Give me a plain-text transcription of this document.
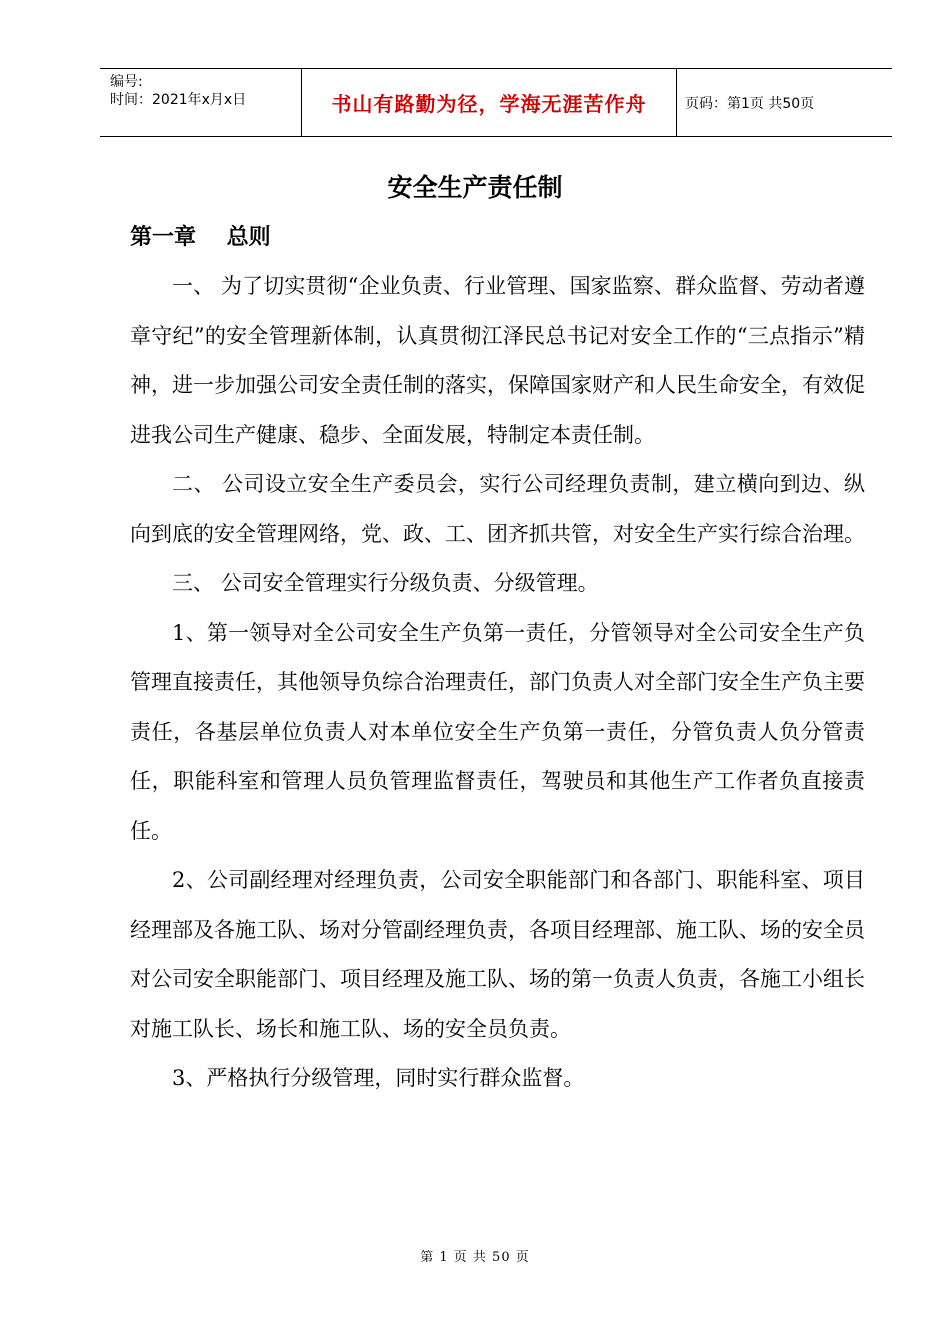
编号:
时间：2021年x月x日	书山有路勤为径，学海无涯苦作舟	页码：第1页 共50页
安全生产责任制
第一章    总则

一、 为了切实贯彻“企业负责、行业管理、国家监察、群众监督、劳动者遵章守纪”的安全管理新体制，认真贯彻江泽民总书记对安全工作的“三点指示”精神，进一步加强公司安全责任制的落实，保障国家财产和人民生命安全，有效促进我公司生产健康、稳步、全面发展，特制定本责任制。

二、 公司设立安全生产委员会，实行公司经理负责制，建立横向到边、纵向到底的安全管理网络，党、政、工、团齐抓共管，对安全生产实行综合治理。

三、 公司安全管理实行分级负责、分级管理。

1、第一领导对全公司安全生产负第一责任，分管领导对全公司安全生产负管理直接责任，其他领导负综合治理责任，部门负责人对全部门安全生产负主要责任，各基层单位负责人对本单位安全生产负第一责任，分管负责人负分管责任，职能科室和管理人员负管理监督责任，驾驶员和其他生产工作者负直接责任。

2、公司副经理对经理负责，公司安全职能部门和各部门、职能科室、项目经理部及各施工队、场对分管副经理负责，各项目经理部、施工队、场的安全员对公司安全职能部门、项目经理及施工队、场的第一负责人负责，各施工小组长对施工队长、场长和施工队、场的安全员负责。

3、严格执行分级管理，同时实行群众监督。

第 1 页 共 50 页
